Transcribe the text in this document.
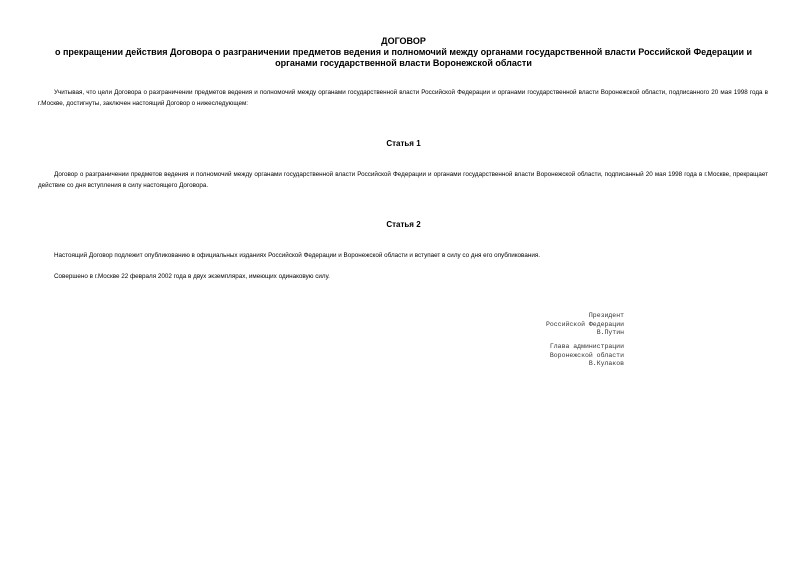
ДОГОВОР
о прекращении действия Договора о разграничении предметов ведения и полномочий между органами государственной власти Российской Федерации и
органами государственной власти Воронежской области
Учитывая, что цели Договора о разграничении предметов ведения и полномочий между органами государственной власти Российской Федерации и органами государственной власти Воронежской области, подписанного 20 мая 1998 года в г.Москве, достигнуты, заключен настоящий Договор о нижеследующем:
Статья 1
Договор о разграничении предметов ведения и полномочий между органами государственной власти Российской Федерации и органами государственной власти Воронежской области, подписанный 20 мая 1998 года в г.Москве, прекращает действие со дня вступления в силу настоящего Договора.
Статья 2
Настоящий Договор подлежит опубликованию в официальных изданиях Российской Федерации и Воронежской области и вступает в силу со дня его опубликования.
Совершено в г.Москве 22 февраля 2002 года в двух экземплярах, имеющих одинаковую силу.
Президент
Российской Федерации
В.Путин
Глава администрации
Воронежской области
В.Кулаков
